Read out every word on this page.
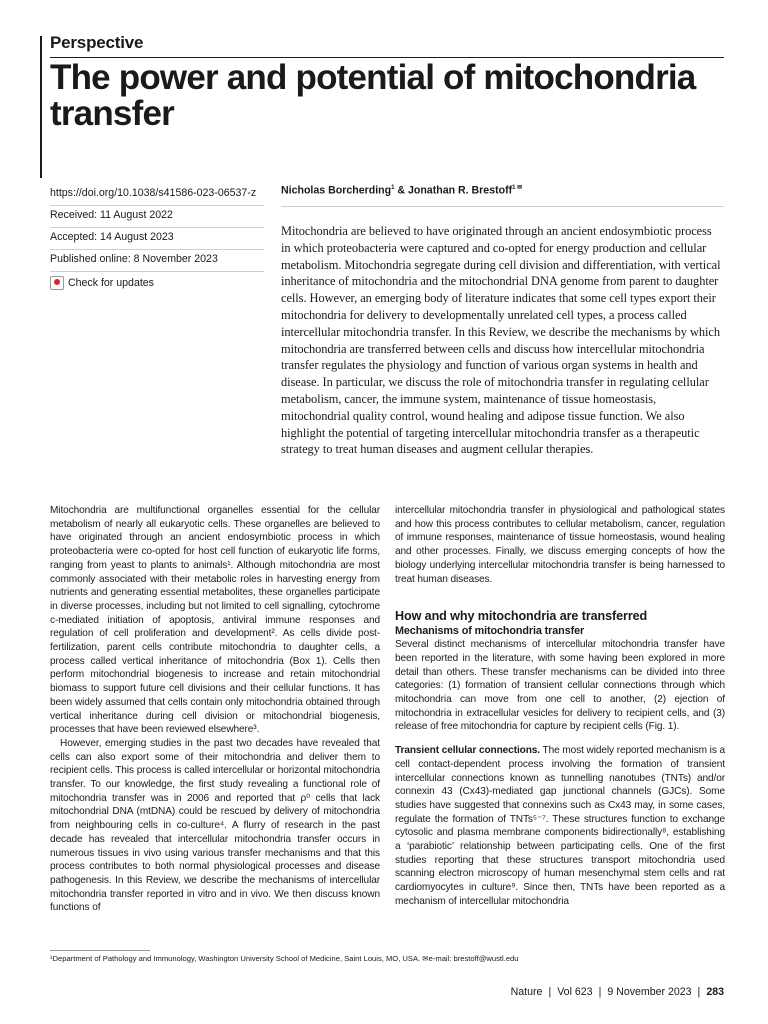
Perspective
The power and potential of mitochondria transfer
https://doi.org/10.1038/s41586-023-06537-z
Received: 11 August 2022
Accepted: 14 August 2023
Published online: 8 November 2023
Check for updates
Nicholas Borcherding$^1$ & Jonathan R. Brestoff$^{1 ✉}$
Mitochondria are believed to have originated through an ancient endosymbiotic process in which proteobacteria were captured and co-opted for energy production and cellular metabolism. Mitochondria segregate during cell division and differentiation, with vertical inheritance of mitochondria and the mitochondrial DNA genome from parent to daughter cells. However, an emerging body of literature indicates that some cell types export their mitochondria for delivery to developmentally unrelated cell types, a process called intercellular mitochondria transfer. In this Review, we describe the mechanisms by which mitochondria are transferred between cells and discuss how intercellular mitochondria transfer regulates the physiology and function of various organ systems in health and disease. In particular, we discuss the role of mitochondria transfer in regulating cellular metabolism, cancer, the immune system, maintenance of tissue homeostasis, mitochondrial quality control, wound healing and adipose tissue function. We also highlight the potential of targeting intercellular mitochondria transfer as a therapeutic strategy to treat human diseases and augment cellular therapies.

Mitochondria are multifunctional organelles essential for the cellular metabolism of nearly all eukaryotic cells. These organelles are believed to have originated through an ancient endosymbiotic process in which proteobacteria were co-opted for host cell function of eukaryotic life forms, ranging from yeast to plants to animals¹. Although mitochondria are most commonly associated with their metabolic roles in harvesting energy from nutrients and generating essential metabolites, these organelles participate in diverse processes, including but not limited to cell signalling, cytochrome c-mediated initiation of apoptosis, antiviral immune responses and regulation of cell proliferation and development². As cells divide post-fertilization, parent cells contribute mitochondria to daughter cells, a process called vertical inheritance of mitochondria (Box 1). Cells then perform mitochondrial biogenesis to increase and retain mitochondrial biomass to support future cell divisions and their cellular functions. It has been widely assumed that cells contain only mitochondria obtained through vertical inheritance during cell division or mitochondrial biogenesis, processes that have been reviewed elsewhere³.

However, emerging studies in the past two decades have revealed that cells can also export some of their mitochondria and deliver them to recipient cells. This process is called intercellular or horizontal mitochondria transfer. To our knowledge, the first study revealing a functional role of mitochondria transfer was in 2006 and reported that ρ⁰ cells that lack mitochondrial DNA (mtDNA) could be rescued by delivery of mitochondria from neighbouring cells in co-culture⁴. A flurry of research in the past decade has revealed that intercellular mitochondria transfer occurs in numerous tissues in vivo using various transfer mechanisms and that this process contributes to both normal physiological processes and disease pathogenesis. In this Review, we describe the mechanisms of intercellular mitochondria transfer reported in vitro and in vivo. We then discuss known functions of

intercellular mitochondria transfer in physiological and pathological states and how this process contributes to cellular metabolism, cancer, regulation of immune responses, maintenance of tissue homeostasis, wound healing and other processes. Finally, we discuss emerging concepts of how the biology underlying intercellular mitochondria transfer is being harnessed to treat human diseases.

How and why mitochondria are transferred
Mechanisms of mitochondria transfer

Several distinct mechanisms of intercellular mitochondria transfer have been reported in the literature, with some having been explored in more detail than others. These transfer mechanisms can be divided into three categories: (1) formation of transient cellular connections through which mitochondria can move from one cell to another, (2) ejection of mitochondria in extracellular vesicles for delivery to recipient cells, and (3) release of free mitochondria for capture by recipient cells (Fig. 1).

Transient cellular connections. The most widely reported mechanism is a cell contact-dependent process involving the formation of transient intercellular connections known as tunnelling nanotubes (TNTs) and/or connexin 43 (Cx43)-mediated gap junctional channels (GJCs). Some studies have suggested that connexins such as Cx43 may, in some cases, regulate the formation of TNTs⁵⁻⁷. These structures function to exchange cytosolic and plasma membrane components bidirectionally⁸, establishing a ‘parabiotic’ relationship between participating cells. One of the first studies reporting that these structures transport mitochondria used scanning electron microscopy of human mesenchymal stem cells and rat cardiomyocytes in culture⁹. Since then, TNTs have been reported as a mechanism of intercellular mitochondria

¹Department of Pathology and Immunology, Washington University School of Medicine, Saint Louis, MO, USA. ✉e-mail: brestoff@wustl.edu
Nature | Vol 623 | 9 November 2023 | 283
